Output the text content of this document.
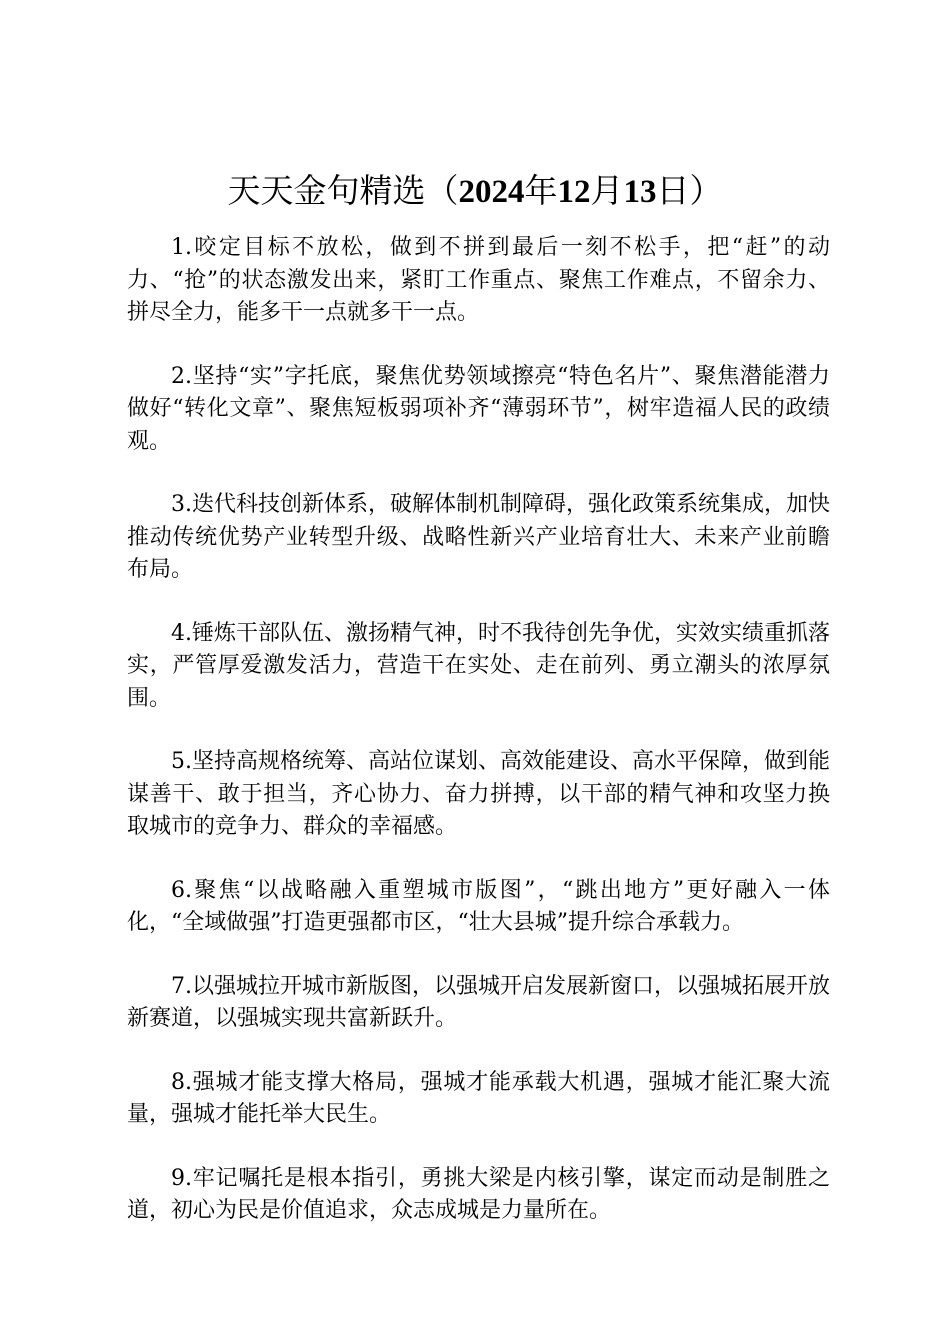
天天金句精选（2024年12月13日）

1.咬定目标不放松，做到不拼到最后一刻不松手，把“赶”的动力、“抢”的状态激发出来，紧盯工作重点、聚焦工作难点，不留余力、拼尽全力，能多干一点就多干一点。

2.坚持“实”字托底，聚焦优势领域擦亮“特色名片”、聚焦潜能潜力做好“转化文章”、聚焦短板弱项补齐“薄弱环节”，树牢造福人民的政绩观。

3.迭代科技创新体系，破解体制机制障碍，强化政策系统集成，加快推动传统优势产业转型升级、战略性新兴产业培育壮大、未来产业前瞻布局。

4.锤炼干部队伍、激扬精气神，时不我待创先争优，实效实绩重抓落实，严管厚爱激发活力，营造干在实处、走在前列、勇立潮头的浓厚氛围。

5.坚持高规格统筹、高站位谋划、高效能建设、高水平保障，做到能谋善干、敢于担当，齐心协力、奋力拼搏，以干部的精气神和攻坚力换取城市的竞争力、群众的幸福感。

6.聚焦“以战略融入重塑城市版图”，“跳出地方”更好融入一体化，“全域做强”打造更强都市区，“壮大县城”提升综合承载力。

7.以强城拉开城市新版图，以强城开启发展新窗口，以强城拓展开放新赛道，以强城实现共富新跃升。

8.强城才能支撑大格局，强城才能承载大机遇，强城才能汇聚大流量，强城才能托举大民生。

9.牢记嘱托是根本指引，勇挑大梁是内核引擎，谋定而动是制胜之道，初心为民是价值追求，众志成城是力量所在。
